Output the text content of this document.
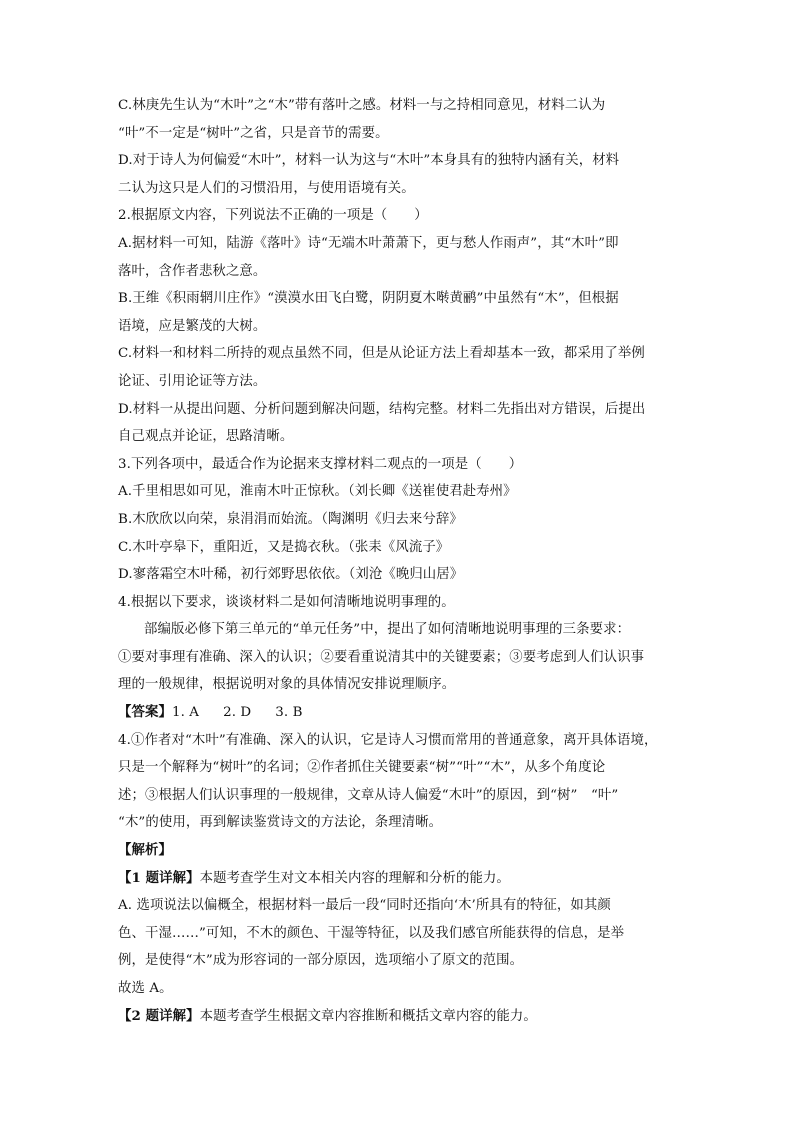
C.林庚先生认为“木叶”之“木”带有落叶之感。材料一与之持相同意见，材料二认为
“叶”不一定是“树叶”之省，只是音节的需要。
D.对于诗人为何偏爱“木叶”，材料一认为这与“木叶”本身具有的独特内涵有关，材料
二认为这只是人们的习惯沿用，与使用语境有关。
2.根据原文内容，下列说法不正确的一项是（　　）
A.据材料一可知，陆游《落叶》诗“无端木叶萧萧下，更与愁人作雨声”，其“木叶”即
落叶，含作者悲秋之意。
B.王维《积雨辋川庄作》“漠漠水田飞白鹭，阴阴夏木啭黄鹂”中虽然有“木”，但根据
语境，应是繁茂的大树。
C.材料一和材料二所持的观点虽然不同，但是从论证方法上看却基本一致，都采用了举例
论证、引用论证等方法。
D.材料一从提出问题、分析问题到解决问题，结构完整。材料二先指出对方错误，后提出
自己观点并论证，思路清晰。
3.下列各项中，最适合作为论据来支撑材料二观点的一项是（　　）
A.千里相思如可见，淮南木叶正惊秋。（刘长卿《送崔使君赴寿州》
B.木欣欣以向荣，泉涓涓而始流。（陶渊明《归去来兮辞》
C.木叶亭皋下，重阳近，又是捣衣秋。（张耒《风流子》
D.寥落霜空木叶稀，初行郊野思依依。（刘沧《晚归山居》
4.根据以下要求，谈谈材料二是如何清晰地说明事理的。
部编版必修下第三单元的“单元任务”中，提出了如何清晰地说明事理的三条要求：
①要对事理有准确、深入的认识；②要看重说清其中的关键要素；③要考虑到人们认识事
理的一般规律，根据说明对象的具体情况安排说理顺序。
【答案】1. A 2. D 3. B
4.①作者对“木叶”有准确、深入的认识，它是诗人习惯而常用的普通意象，离开具体语境，
只是一个解释为“树叶”的名词；②作者抓住关键要素“树”“叶”“木”，从多个角度论
述；③根据人们认识事理的一般规律，文章从诗人偏爱“木叶”的原因，到“树”　“叶”
“木”的使用，再到解读鉴赏诗文的方法论，条理清晰。
【解析】
【1 题详解】本题考查学生对文本相关内容的理解和分析的能力。
A. 选项说法以偏概全，根据材料一最后一段“同时还指向‘木’所具有的特征，如其颜
色、干湿……”可知，不木的颜色、干湿等特征，以及我们感官所能获得的信息，是举
例，是使得“木”成为形容词的一部分原因，选项缩小了原文的范围。
故选 A。
【2 题详解】本题考查学生根据文章内容推断和概括文章内容的能力。
